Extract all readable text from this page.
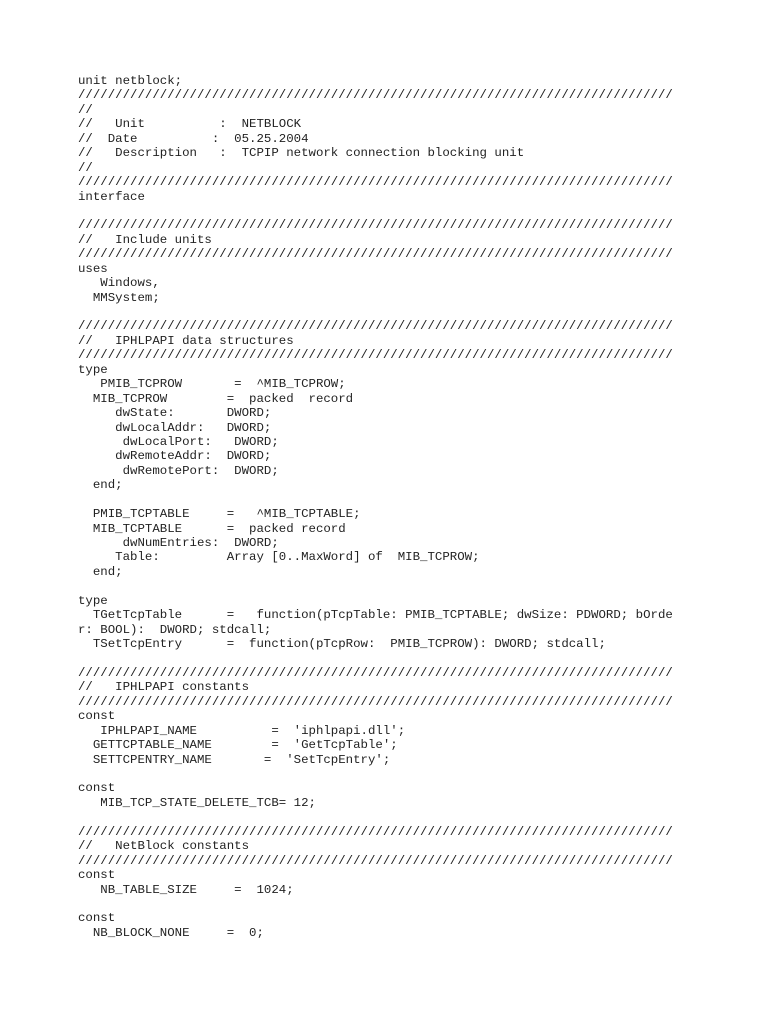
unit netblock;
////////////////////////////////////////////////////////////////////////////////
//
//   Unit          :  NETBLOCK
//  Date          :  05.25.2004
//   Description   :  TCPIP network connection blocking unit
//
////////////////////////////////////////////////////////////////////////////////
interface
////////////////////////////////////////////////////////////////////////////////
//   Include units
////////////////////////////////////////////////////////////////////////////////
uses
Windows,
MMSystem;
////////////////////////////////////////////////////////////////////////////////
//   IPHLPAPI data structures
////////////////////////////////////////////////////////////////////////////////
type
PMIB_TCPROW       =  ^MIB_TCPROW;
MIB_TCPROW        =  packed  record
dwState:       DWORD;
dwLocalAddr:   DWORD;
dwLocalPort:   DWORD;
dwRemoteAddr:  DWORD;
dwRemotePort:  DWORD;
end;
PMIB_TCPTABLE     =   ^MIB_TCPTABLE;
MIB_TCPTABLE      =  packed record
dwNumEntries:  DWORD;
Table:         Array [0..MaxWord] of  MIB_TCPROW;
end;
type
TGetTcpTable      =   function(pTcpTable: PMIB_TCPTABLE; dwSize: PDWORD; bOrde
r: BOOL):  DWORD; stdcall;
TSetTcpEntry      =  function(pTcpRow:  PMIB_TCPROW): DWORD; stdcall;
////////////////////////////////////////////////////////////////////////////////
//   IPHLPAPI constants
////////////////////////////////////////////////////////////////////////////////
const
IPHLPAPI_NAME          =  'iphlpapi.dll';
GETTCPTABLE_NAME        =  'GetTcpTable';
SETTCPENTRY_NAME       =  'SetTcpEntry';
const
MIB_TCP_STATE_DELETE_TCB= 12;
////////////////////////////////////////////////////////////////////////////////
//   NetBlock constants
////////////////////////////////////////////////////////////////////////////////
const
NB_TABLE_SIZE     =  1024;
const
NB_BLOCK_NONE     =  0;
